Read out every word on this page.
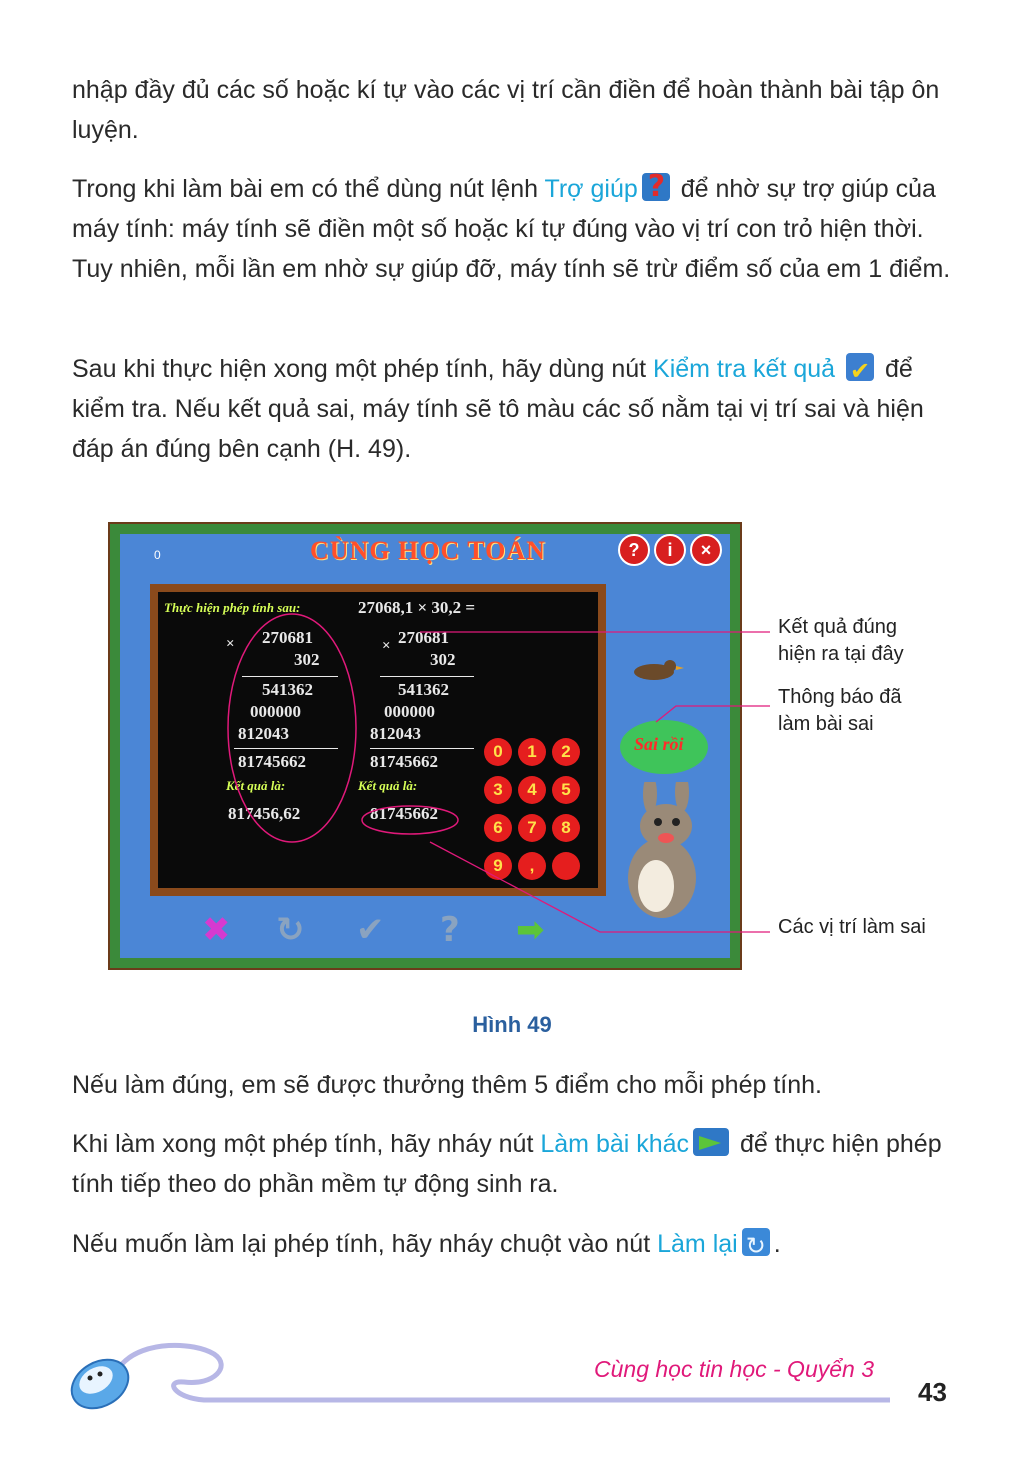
nhập đầy đủ các số hoặc kí tự vào các vị trí cần điền để hoàn thành bài tập ôn luyện.

Trong khi làm bài em có thể dùng nút lệnh Trợ giúp? để nhờ sự trợ giúp của máy tính: máy tính sẽ điền một số hoặc kí tự đúng vào vị trí con trỏ hiện thời. Tuy nhiên, mỗi lần em nhờ sự giúp đỡ, máy tính sẽ trừ điểm số của em 1 điểm.

Sau khi thực hiện xong một phép tính, hãy dùng nút Kiểm tra kết quả ✔ để kiểm tra. Nếu kết quả sai, máy tính sẽ tô màu các số nằm tại vị trí sai và hiện đáp án đúng bên cạnh (H. 49).

0	CÙNG HỌC TOÁN	?	i	×
Thực hiện phép tính sau:	27068,1 × 30,2 =
× 270681
302
541362
000000
812043
81745662
Kết quả là:
817456,62
× 270681
302
541362
000000
812043
81745662
Kết quả là:
81745662
0	1	2
3	4	5
6	7	8
9	,
Sai rồi
✖ ↻ ✔ ? ➡
Kết quả đúng hiện ra tại đây
Thông báo đã làm bài sai
Các vị trí làm sai
Hình 49

Nếu làm đúng, em sẽ được thưởng thêm 5 điểm cho mỗi phép tính.

Khi làm xong một phép tính, hãy nháy nút Làm bài khác để thực hiện phép tính tiếp theo do phần mềm tự động sinh ra.

Nếu muốn làm lại phép tính, hãy nháy chuột vào nút Làm lại↻ .

Cùng học tin học - Quyển 3
43
